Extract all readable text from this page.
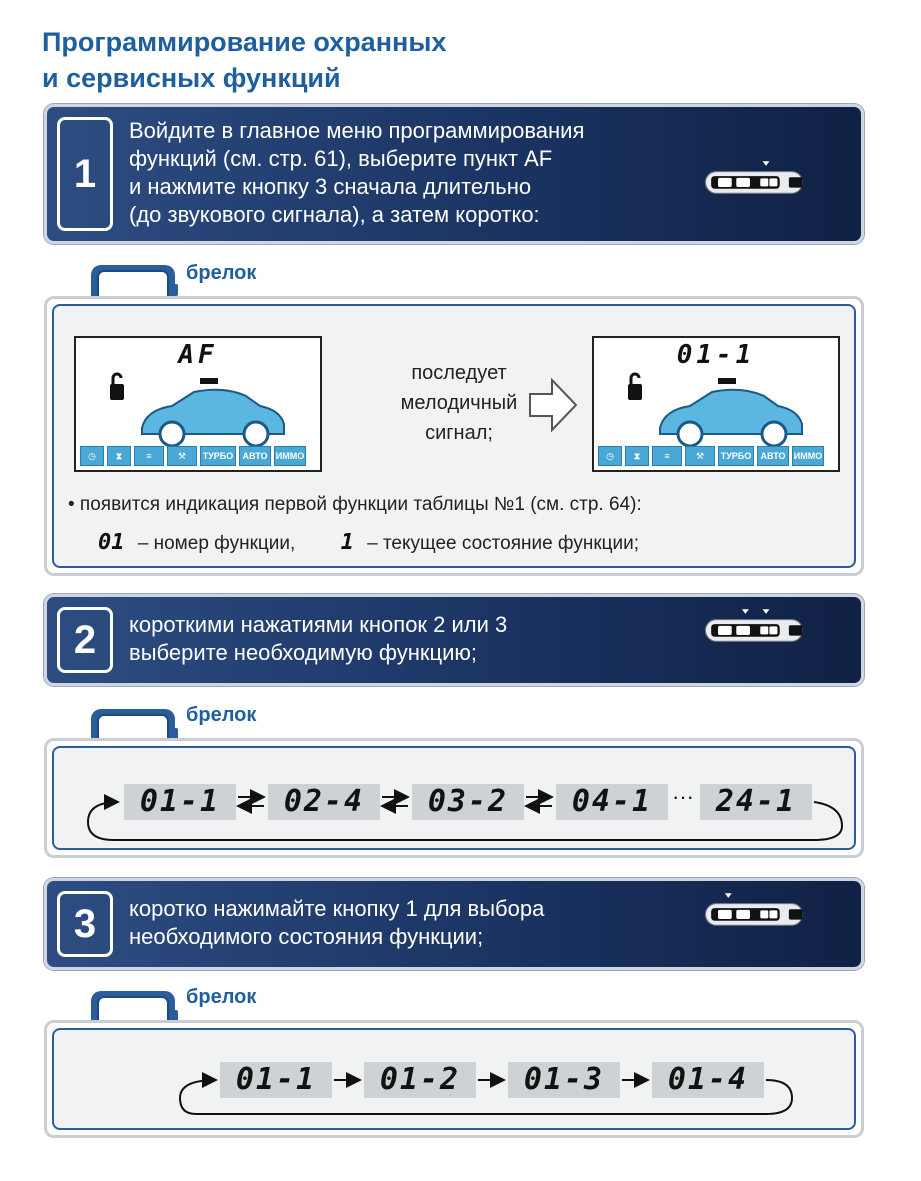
Программирование охранных
и сервисных функций
1
Войдите в главное меню программирования
функций (см. стр. 61), выберите пункт AF
и нажмите кнопку 3 сначала длительно
(до звукового сигнала), а затем коротко:
брелок
AF
◷	⧗	≡	⚒	ТУРБО	АВТО ИММО
последует
мелодичный
сигнал;
01-1
◷	⧗	≡	⚒	ТУРБО	АВТО ИММО
• появится индикация первой функции таблицы №1 (см. стр. 64):
01 – номер функции, 1 – текущее состояние функции;
2	короткими нажатиями кнопок 2 или 3
выберите необходимую функцию;
брелок
01-1	02-4	03-2	04-1	24-1
···
3	коротко нажимайте кнопку 1 для выбора
необходимого состояния функции;
брелок
01-1	01-2	01-3	01-4
